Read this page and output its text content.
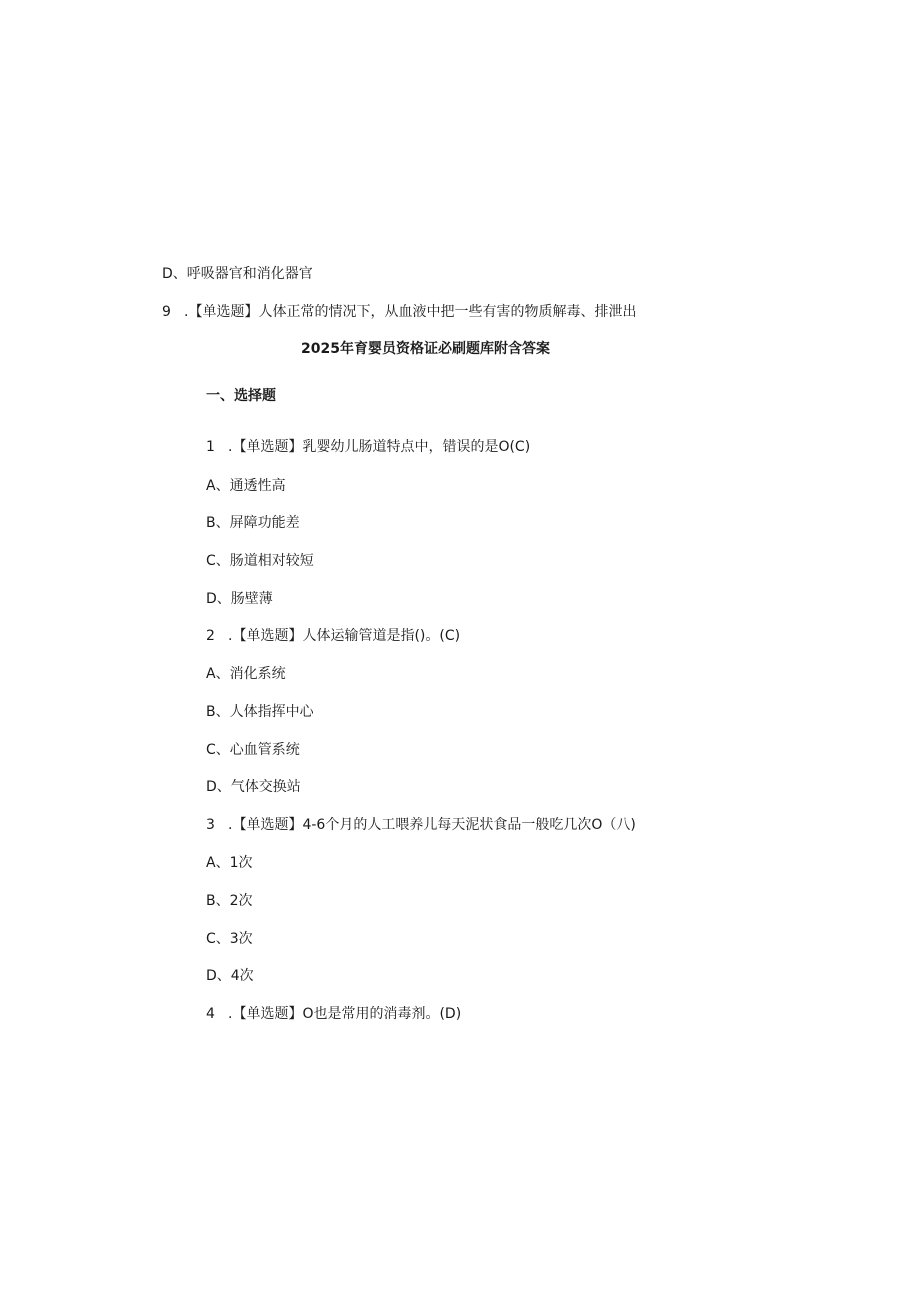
D、呼吸器官和消化器官
9 .【单选题】人体正常的情况下，从血液中把一些有害的物质解毒、排泄出
2025年育婴员资格证必刷题库附含答案
一、选择题
1 .【单选题】乳婴幼儿肠道特点中，错误的是O(C)
A、通透性高
B、屏障功能差
C、肠道相对较短
D、肠壁薄
2 .【单选题】人体运输管道是指()。(C)
A、消化系统
B、人体指挥中心
C、心血管系统
D、气体交换站
3 .【单选题】4-6个月的人工喂养儿每天泥状食品一般吃几次O（八)
A、1次
B、2次
C、3次
D、4次
4 .【单选题】O也是常用的消毒剂。(D)
